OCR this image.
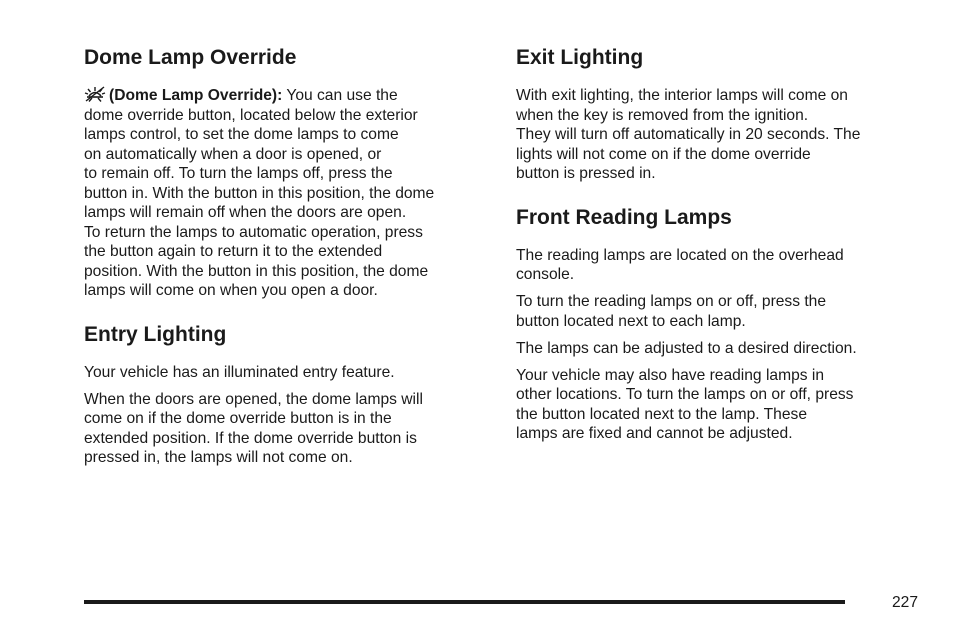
Dome Lamp Override

(Dome Lamp Override): You can use the
dome override button, located below the exterior
lamps control, to set the dome lamps to come
on automatically when a door is opened, or
to remain off. To turn the lamps off, press the
button in. With the button in this position, the dome
lamps will remain off when the doors are open.
To return the lamps to automatic operation, press
the button again to return it to the extended
position. With the button in this position, the dome
lamps will come on when you open a door.

Entry Lighting

Your vehicle has an illuminated entry feature.

When the doors are opened, the dome lamps will
come on if the dome override button is in the
extended position. If the dome override button is
pressed in, the lamps will not come on.

Exit Lighting

With exit lighting, the interior lamps will come on
when the key is removed from the ignition.
They will turn off automatically in 20 seconds. The
lights will not come on if the dome override
button is pressed in.

Front Reading Lamps

The reading lamps are located on the overhead
console.

To turn the reading lamps on or off, press the
button located next to each lamp.

The lamps can be adjusted to a desired direction.

Your vehicle may also have reading lamps in
other locations. To turn the lamps on or off, press
the button located next to the lamp. These
lamps are fixed and cannot be adjusted.

227
